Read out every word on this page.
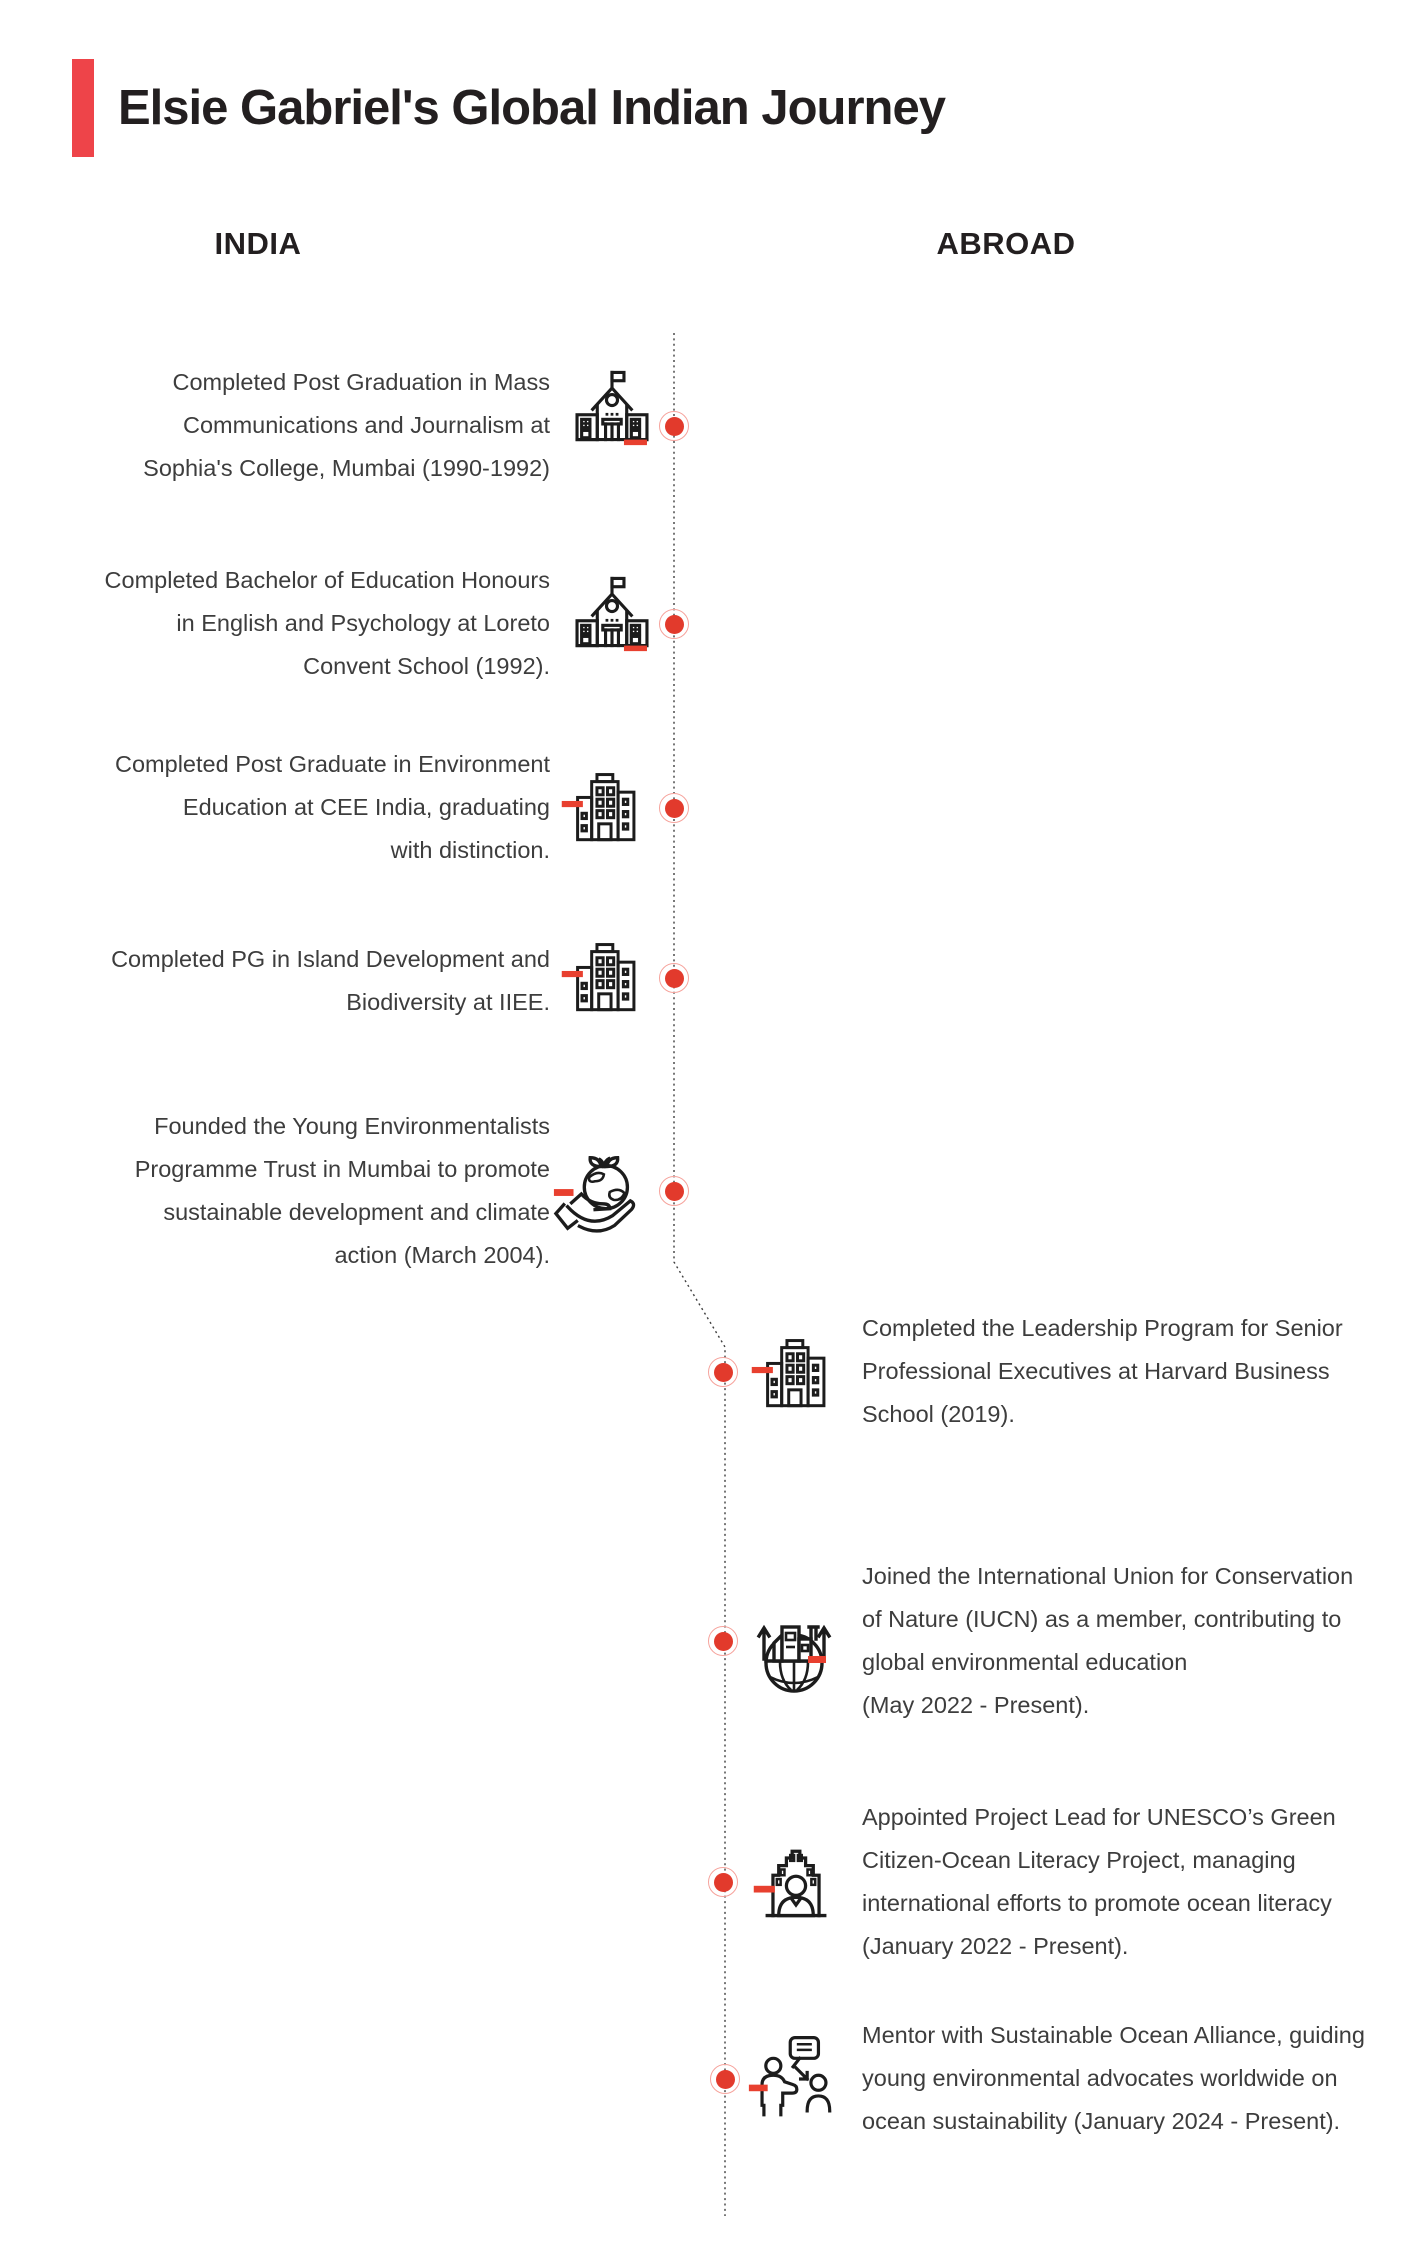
Elsie Gabriel's Global Indian Journey
INDIA	ABROAD
Completed Post Graduation in Mass
Communications and Journalism at
Sophia's College, Mumbai (1990-1992)
Completed Bachelor of Education Honours
in English and Psychology at Loreto
Convent School (1992).
Completed Post Graduate in Environment
Education at CEE India, graduating
with distinction.
Completed PG in Island Development and
Biodiversity at IIEE.
Founded the Young Environmentalists
Programme Trust in Mumbai to promote
sustainable development and climate
action (March 2004).
Completed the Leadership Program for Senior
Professional Executives at Harvard Business
School (2019).
Joined the International Union for Conservation
of Nature (IUCN) as a member, contributing to
global environmental education
(May 2022 - Present).
Appointed Project Lead for UNESCO’s Green
Citizen-Ocean Literacy Project, managing
international efforts to promote ocean literacy
(January 2022 - Present).
Mentor with Sustainable Ocean Alliance, guiding
young environmental advocates worldwide on
ocean sustainability (January 2024 - Present).
